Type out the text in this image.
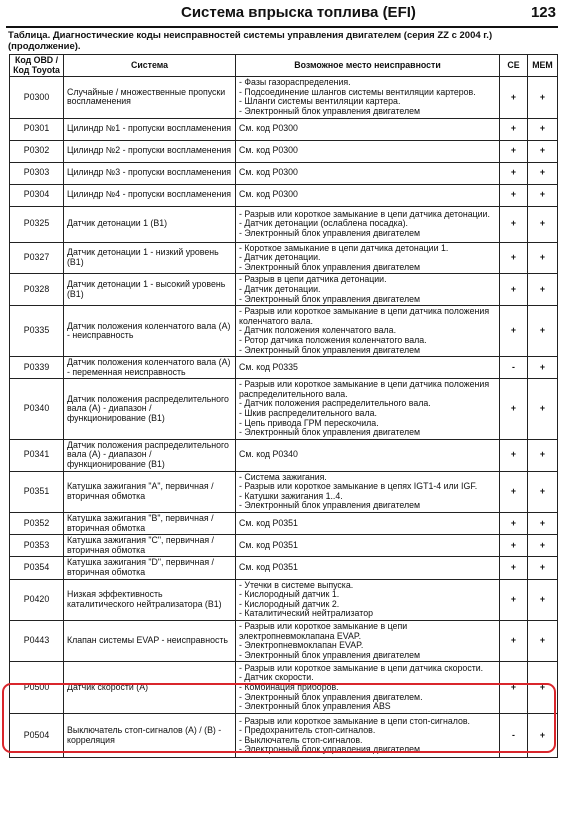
Система впрыска топлива (EFI)	123
Таблица. Диагностические коды неисправностей системы управления двигателем (серия ZZ с 2004 г.) (продолжение).
Код OBD / Код Toyota	Система	Возможное место неисправности	CE	MEM
P0300	Случайные / множественные пропуски воспламенения	- Фазы газораспределения.
- Подсоединение шлангов системы вентиляции картеров.
- Шланги системы вентиляции картера.
- Электронный блок управления двигателем	+	+
P0301	Цилиндр №1 - пропуски воспламенения	См. код P0300	+	+
P0302	Цилиндр №2 - пропуски воспламенения	См. код P0300	+	+
P0303	Цилиндр №3 - пропуски воспламенения	См. код P0300	+	+
P0304	Цилиндр №4 - пропуски воспламенения	См. код P0300	+	+
P0325	Датчик детонации 1 (B1)	- Разрыв или короткое замыкание в цепи датчика детонации.
- Датчик детонации (ослаблена посадка).
- Электронный блок управления двигателем	+	+
P0327	Датчик детонации 1 - низкий уровень (B1)	- Короткое замыкание в цепи датчика детонации 1.
- Датчик детонации.
- Электронный блок управления двигателем	+	+
P0328	Датчик детонации 1 - высокий уровень (B1)	- Разрыв в цепи датчика детонации.
- Датчик детонации.
- Электронный блок управления двигателем	+	+
P0335	Датчик положения коленчатого вала (A) - неисправность	- Разрыв или короткое замыкание в цепи датчика положения коленчатого вала.
- Датчик положения коленчатого вала.
- Ротор датчика положения коленчатого вала.
- Электронный блок управления двигателем	+	+
P0339	Датчик положения коленчатого вала (A) - переменная неисправность	См. код P0335	-	+
P0340	Датчик положения распределительного вала (A) - диапазон / функционирование (B1)	- Разрыв или короткое замыкание в цепи датчика положения распределительного вала.
- Датчик положения распределительного вала.
- Шкив распределительного вала.
- Цепь привода ГРМ перескочила.
- Электронный блок управления двигателем	+	+
P0341	Датчик положения распределительного вала (A) - диапазон / функционирование (B1)	См. код P0340	+	+
P0351	Катушка зажигания "A", первичная / вторичная обмотка	- Система зажигания.
- Разрыв или короткое замыкание в цепях IGT1-4 или IGF.
- Катушки зажигания 1..4.
- Электронный блок управления двигателем	+	+
P0352	Катушка зажигания "B", первичная / вторичная обмотка	См. код P0351	+	+
P0353	Катушка зажигания "C", первичная / вторичная обмотка	См. код P0351	+	+
P0354	Катушка зажигания "D", первичная / вторичная обмотка	См. код P0351	+	+
P0420	Низкая эффективность каталитического нейтрализатора (B1)	- Утечки в системе выпуска.
- Кислородный датчик 1.
- Кислородный датчик 2.
- Каталитический нейтрализатор	+	+
P0443	Клапан системы EVAP - неисправность	- Разрыв или короткое замыкание в цепи электропневмоклапана EVAP.
- Электропневмоклапан EVAP.
- Электронный блок управления двигателем	+	+
P0500	Датчик скорости (A)	- Разрыв или короткое замыкание в цепи датчика скорости.
- Датчик скорости.
- Комбинация приборов.
- Электронный блок управления двигателем.
- Электронный блок управления ABS	+	+
P0504	Выключатель стоп-сигналов (A) / (B) - корреляция	- Разрыв или короткое замыкание в цепи стоп-сигналов.
- Предохранитель стоп-сигналов.
- Выключатель стоп-сигналов.
- Электронный блок управления двигателем	-	+
